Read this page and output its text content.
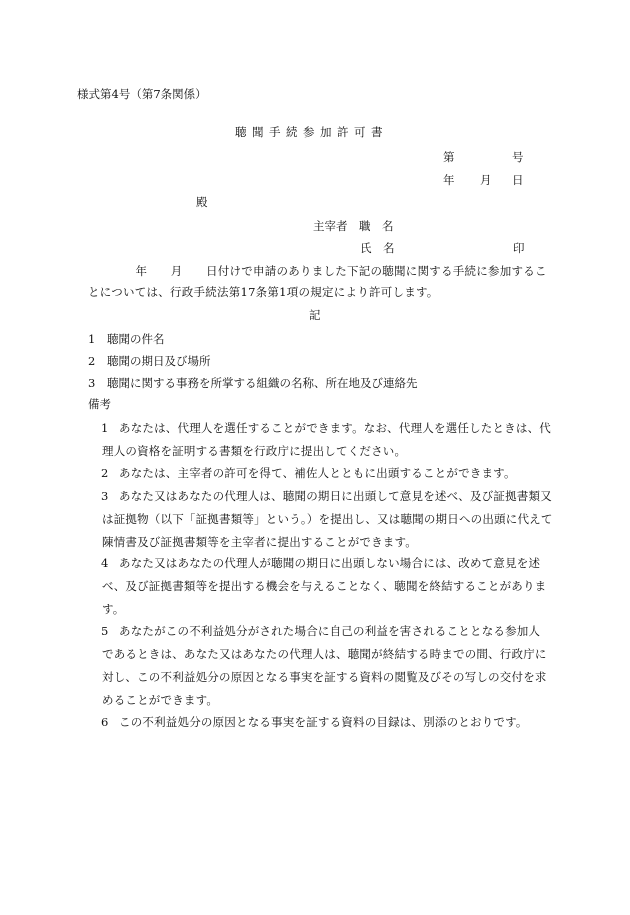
様式第4号（第7条関係）
聴聞手続参加許可書
第	号
年 月 日
殿
主宰者　職　名
氏　名	印
　　年　　月　　日付けで申請のありました下記の聴聞に関する手続に参加するこ
とについては、行政手続法第17条第1項の規定により許可します。
記
1 聴聞の件名
2 聴聞の期日及び場所
3 聴聞に関する事務を所掌する組織の名称、所在地及び連絡先
備考
1 あなたは、代理人を選任することができます。なお、代理人を選任したときは、代
理人の資格を証明する書類を行政庁に提出してください。
2 あなたは、主宰者の許可を得て、補佐人とともに出頭することができます。
3 あなた又はあなたの代理人は、聴聞の期日に出頭して意見を述べ、及び証拠書類又
は証拠物（以下「証拠書類等」という。）を提出し、又は聴聞の期日への出頭に代えて
陳情書及び証拠書類等を主宰者に提出することができます。
4 あなた又はあなたの代理人が聴聞の期日に出頭しない場合には、改めて意見を述
べ、及び証拠書類等を提出する機会を与えることなく、聴聞を終結することがありま
す。
5 あなたがこの不利益処分がされた場合に自己の利益を害されることとなる参加人
であるときは、あなた又はあなたの代理人は、聴聞が終結する時までの間、行政庁に
対し、この不利益処分の原因となる事実を証する資料の閲覧及びその写しの交付を求
めることができます。
6 この不利益処分の原因となる事実を証する資料の目録は、別添のとおりです。
